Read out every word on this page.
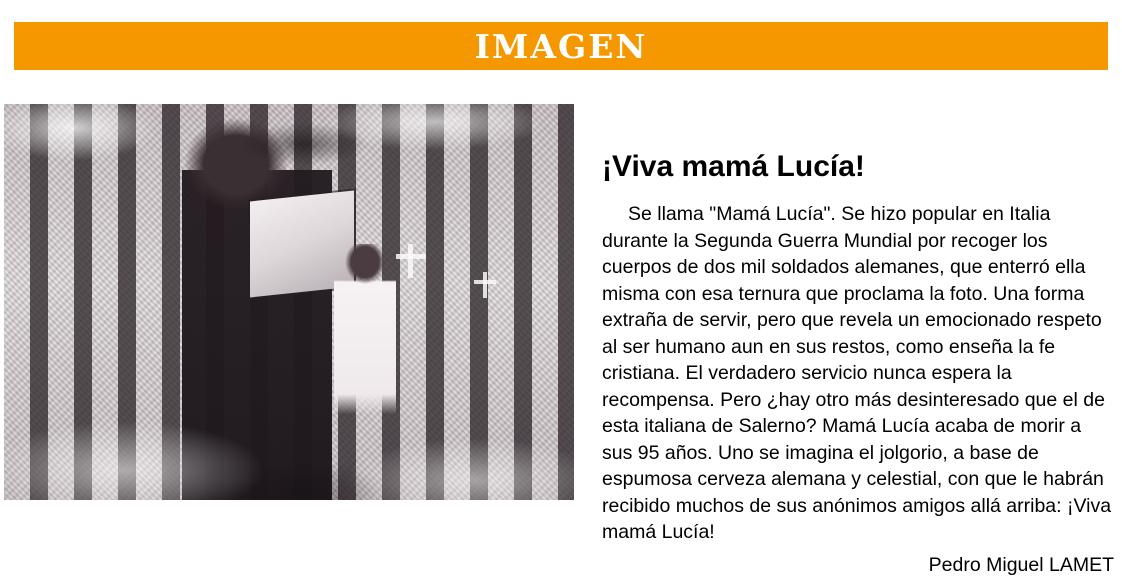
IMAGEN
¡Viva mamá Lucía!

Se llama "Mamá Lucía". Se hizo popular en Italia durante la Segunda Guerra Mundial por recoger los cuerpos de dos mil soldados alemanes, que enterró ella misma con esa ternura que proclama la foto. Una forma extraña de servir, pero que revela un emocionado respeto al ser humano aun en sus restos, como enseña la fe cristiana. El verdadero servicio nunca espera la recompensa. Pero ¿hay otro más desinteresado que el de esta italiana de Salerno? Mamá Lucía acaba de morir a sus 95 años. Uno se imagina el jolgorio, a base de espumosa cerveza alemana y celestial, con que le habrán recibido muchos de sus anónimos amigos allá arriba: ¡Viva mamá Lucía!

Pedro Miguel LAMET
